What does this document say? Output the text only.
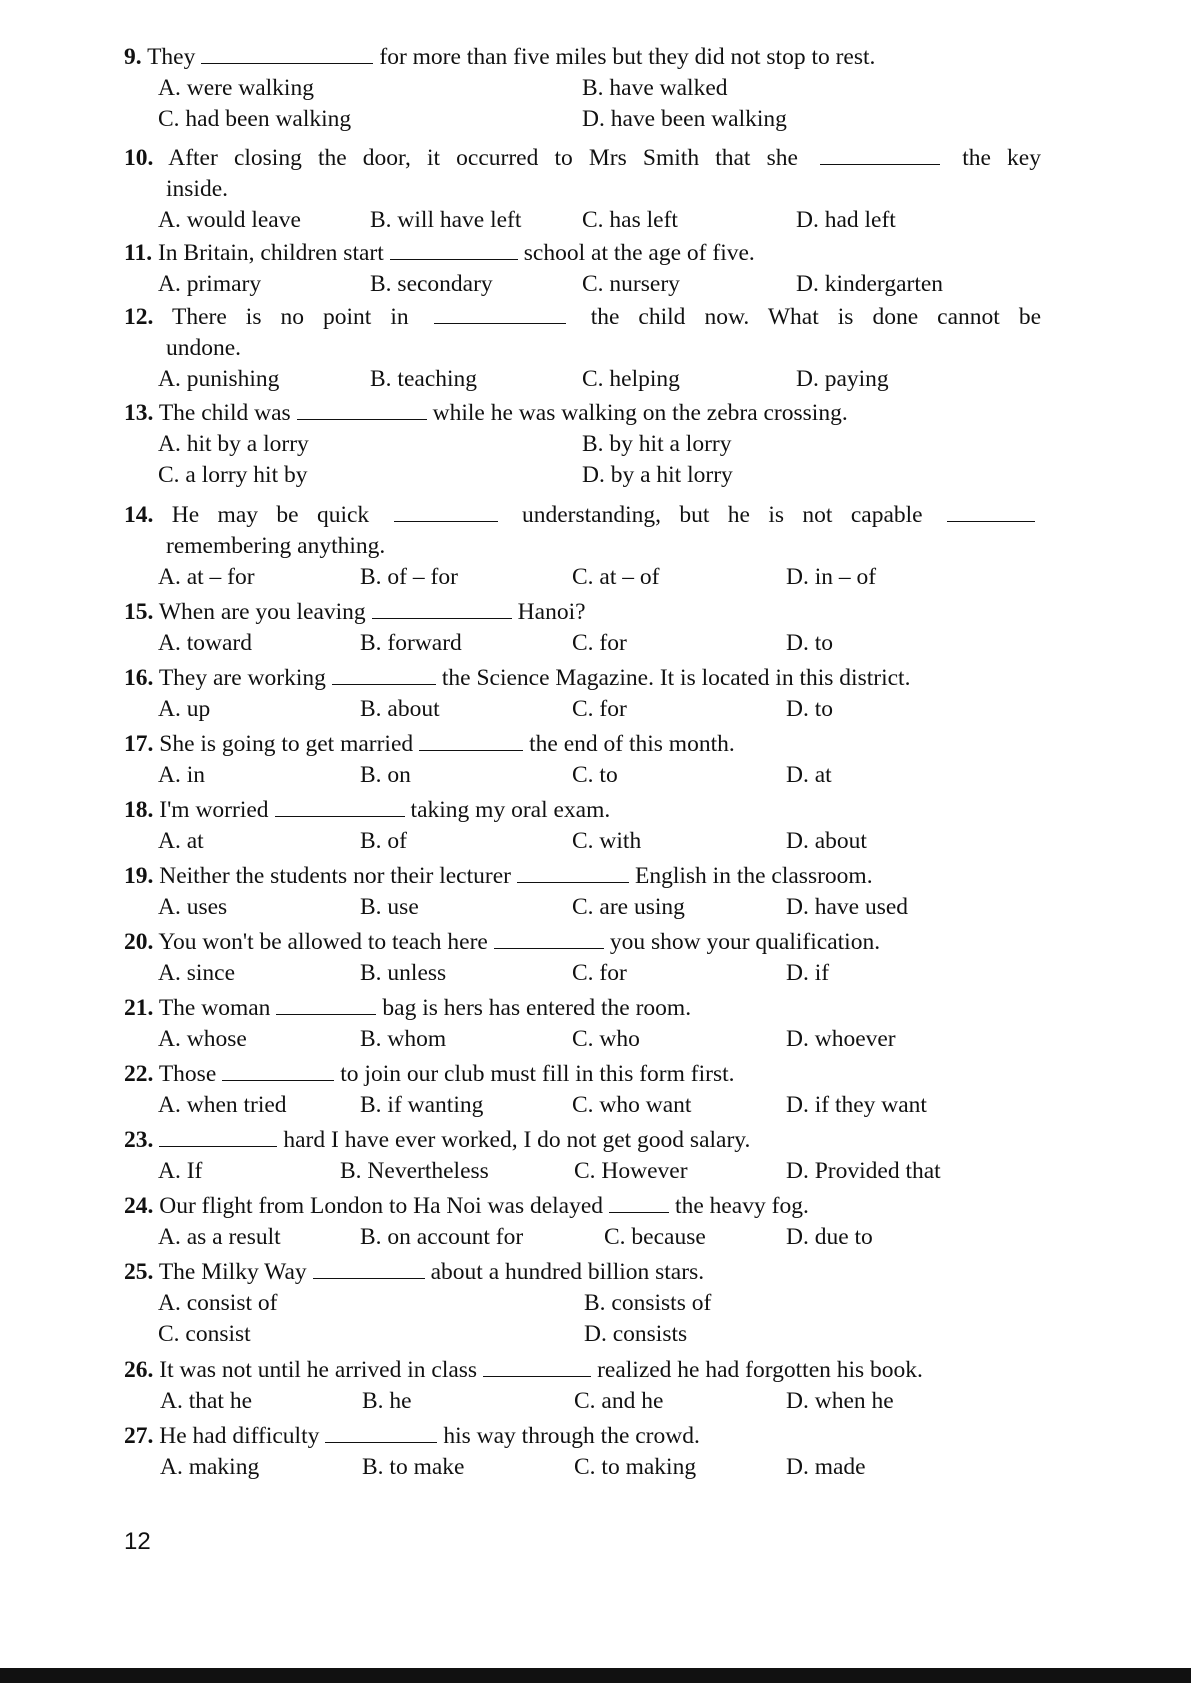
9. They	for more than five miles but they did not stop to rest.
A. were walking	B. have walked
C. had been walking	D. have been walking
10. After closing the door, it occurred to Mrs Smith that she	the key
inside.
A. would leave	B. will have left	C. has left	D. had left
11. In Britain, children start	school at the age of five.
A. primary	B. secondary	C. nursery	D. kindergarten
12. There is no point in	the child now. What is done cannot be
undone.
A. punishing	B. teaching	C. helping	D. paying
13. The child was	while he was walking on the zebra crossing.
A. hit by a lorry	B. by hit a lorry
C. a lorry hit by	D. by a hit lorry
14. He may be quick	understanding, but he is not capable
remembering anything.
A. at – for	B. of – for	C. at – of	D. in – of
15. When are you leaving	Hanoi?
A. toward	B. forward	C. for	D. to
16. They are working	the Science Magazine. It is located in this district.
A. up	B. about	C. for	D. to
17. She is going to get married	the end of this month.
A. in	B. on	C. to	D. at
18. I'm worried	taking my oral exam.
A. at	B. of	C. with	D. about
19. Neither the students nor their lecturer	English in the classroom.
A. uses	B. use	C. are using	D. have used
20. You won't be allowed to teach here	you show your qualification.
A. since	B. unless	C. for	D. if
21. The woman	bag is hers has entered the room.
A. whose	B. whom	C. who	D. whoever
22. Those	to join our club must fill in this form first.
A. when tried	B. if wanting	C. who want	D. if they want
23.	hard I have ever worked, I do not get good salary.
A. If	B. Nevertheless	C. However	D. Provided that
24. Our flight from London to Ha Noi was delayed	the heavy fog.
A. as a result	B. on account for	C. because	D. due to
25. The Milky Way	about a hundred billion stars.
A. consist of	B. consists of
C. consist	D. consists
26. It was not until he arrived in class	realized he had forgotten his book.
A. that he	B. he	C. and he	D. when he
27. He had difficulty	his way through the crowd.
A. making	B. to make	C. to making	D. made
12
